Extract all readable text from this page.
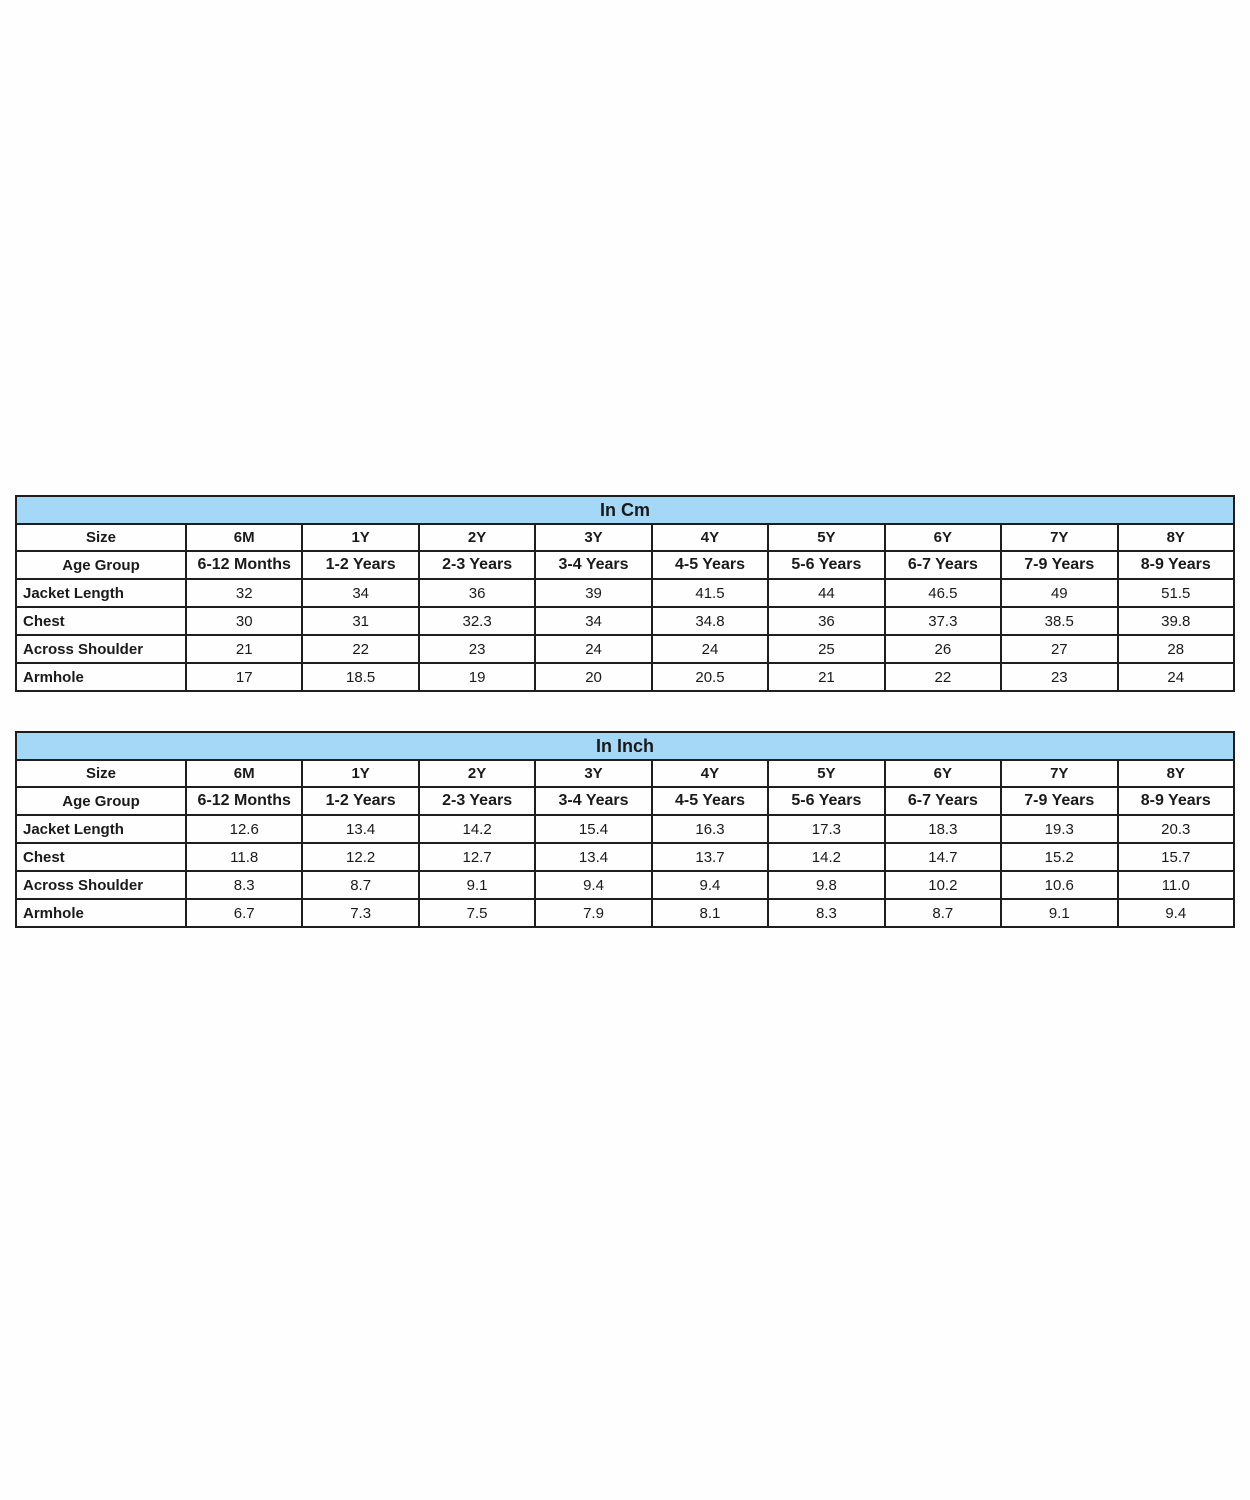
In Cm									
Size	6M	1Y	2Y	3Y	4Y	5Y	6Y	7Y	8Y
Age Group	6-12 Months	1-2 Years	2-3 Years	3-4 Years	4-5 Years	5-6 Years	6-7 Years	7-9 Years	8-9 Years
Jacket Length	32	34	36	39	41.5	44	46.5	49	51.5
Chest	30	31	32.3	34	34.8	36	37.3	38.5	39.8
Across Shoulder	21	22	23	24	24	25	26	27	28
Armhole	17	18.5	19	20	20.5	21	22	23	24
In Inch									
Size	6M	1Y	2Y	3Y	4Y	5Y	6Y	7Y	8Y
Age Group	6-12 Months	1-2 Years	2-3 Years	3-4 Years	4-5 Years	5-6 Years	6-7 Years	7-9 Years	8-9 Years
Jacket Length	12.6	13.4	14.2	15.4	16.3	17.3	18.3	19.3	20.3
Chest	11.8	12.2	12.7	13.4	13.7	14.2	14.7	15.2	15.7
Across Shoulder	8.3	8.7	9.1	9.4	9.4	9.8	10.2	10.6	11.0
Armhole	6.7	7.3	7.5	7.9	8.1	8.3	8.7	9.1	9.4
